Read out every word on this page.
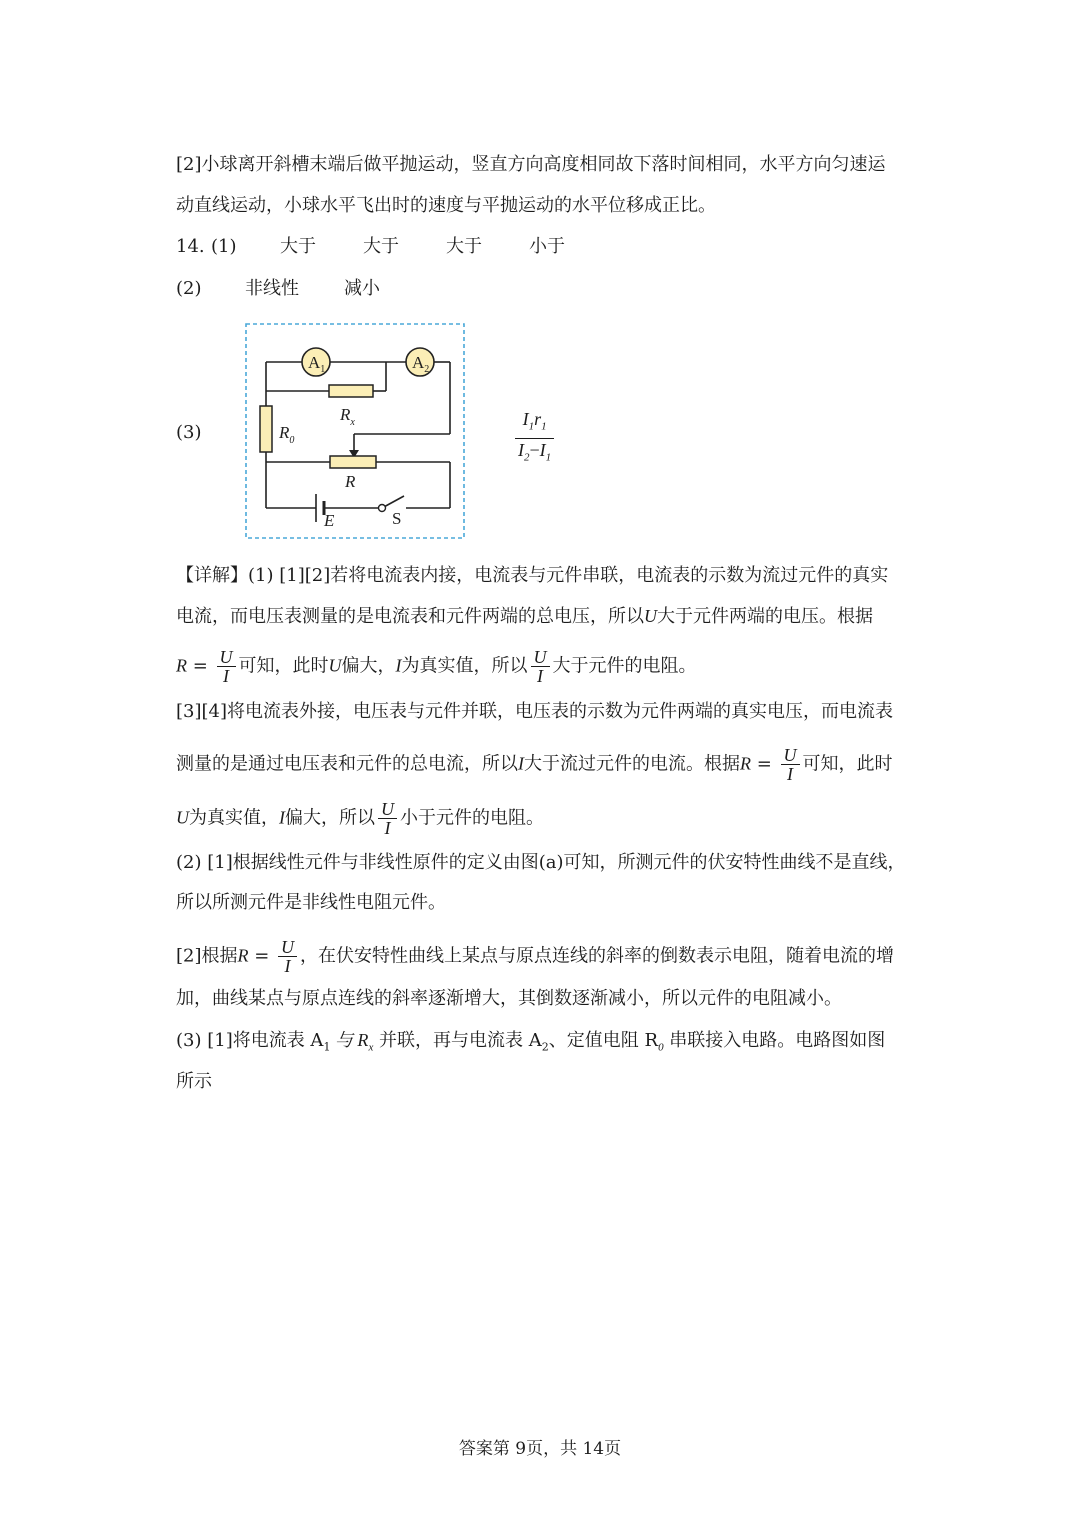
[2]小球离开斜槽末端后做平抛运动，竖直方向高度相同故下落时间相同，水平方向匀速运
动直线运动，小球水平飞出时的速度与平抛运动的水平位移成正比。
14. (1) 大于	大于	大于	小于
(2) 非线性	减小
(3)
$A_1$	$A_2$
$R_x$
$R_0$
R
E	S
$\frac{I_1r_1}{I_2-I_1}$
【详解】(1) [1][2]若将电流表内接，电流表与元件串联，电流表的示数为流过元件的真实
电流，而电压表测量的是电流表和元件两端的总电压，所以U大于元件两端的电压。根据
$R = \frac{U}{I}$ 可知，此时U偏大，I为真实值，所以 $\frac{U}{I}$ 大于元件的电阻。
[3][4]将电流表外接，电压表与元件并联，电压表的示数为元件两端的真实电压，而电流表
测量的是通过电压表和元件的总电流，所以I大于流过元件的电流。根据$R = \frac{U}{I}$ 可知，此时
U为真实值，I偏大，所以 $\frac{U}{I}$ 小于元件的电阻。
(2) [1]根据线性元件与非线性原件的定义由图(a)可知，所测元件的伏安特性曲线不是直线，
所以所测元件是非线性电阻元件。
[2]根据$R = \frac{U}{I}$ ，在伏安特性曲线上某点与原点连线的斜率的倒数表示电阻，随着电流的增
加，曲线某点与原点连线的斜率逐渐增大，其倒数逐渐减小，所以元件的电阻减小。
(3) [1]将电流表 $A_1$ 与 $R_x$ 并联，再与电流表 $A_2$、定值电阻 $R_0$ 串联接入电路。电路图如图
所示
答案第 9页，共 14页
